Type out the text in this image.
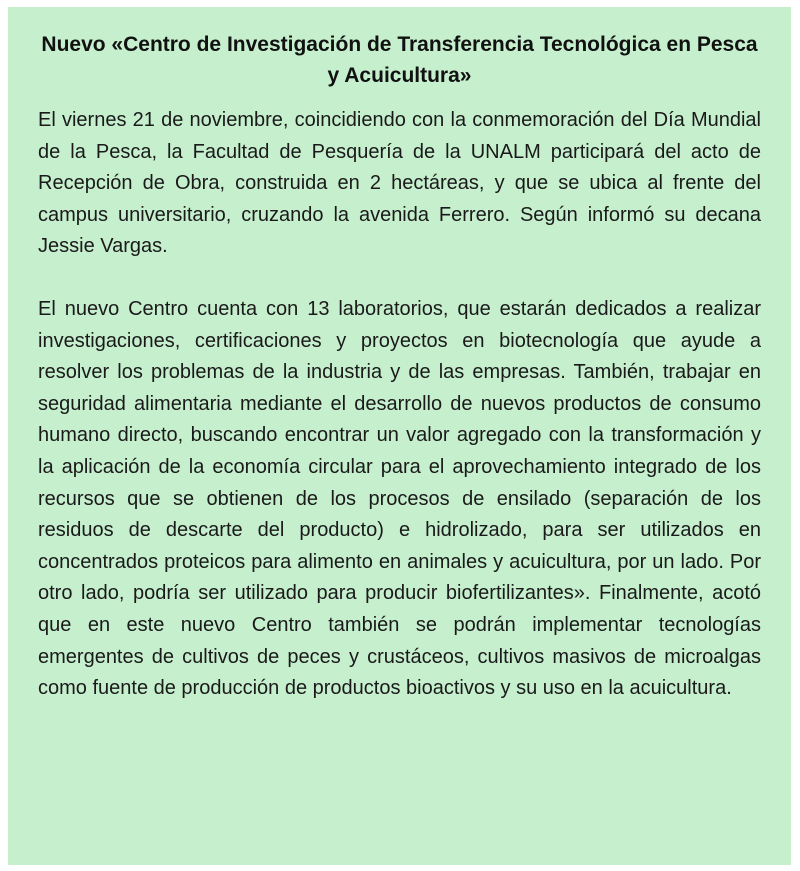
Nuevo «Centro de Investigación de Transferencia Tecnológica en Pesca y Acuicultura»

El viernes 21 de noviembre, coincidiendo con la conmemoración del Día Mundial de la Pesca, la Facultad de Pesquería de la UNALM participará del acto de Recepción de Obra, construida en 2 hectáreas, y que se ubica al frente del campus universitario, cruzando la avenida Ferrero. Según informó su decana Jessie Vargas.

El nuevo Centro cuenta con 13 laboratorios, que estarán dedicados a realizar investigaciones, certificaciones y proyectos en biotecnología que ayude a resolver los problemas de la industria y de las empresas. También, trabajar en seguridad alimentaria mediante el desarrollo de nuevos productos de consumo humano directo, buscando encontrar un valor agregado con la transformación y la aplicación de la economía circular para el aprovechamiento integrado de los recursos que se obtienen de los procesos de ensilado (separación de los residuos de descarte del producto) e hidrolizado, para ser utilizados en concentrados proteicos para alimento en animales y acuicultura, por un lado. Por otro lado, podría ser utilizado para producir biofertilizantes». Finalmente, acotó que en este nuevo Centro también se podrán implementar tecnologías emergentes de cultivos de peces y crustáceos, cultivos masivos de microalgas como fuente de producción de productos bioactivos y su uso en la acuicultura.
